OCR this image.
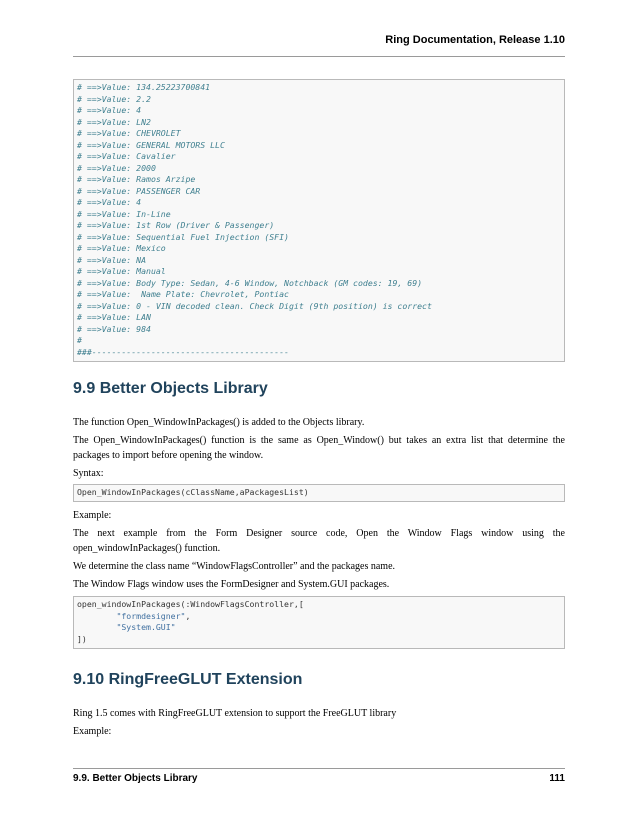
Ring Documentation, Release 1.10
# ==>Value: 134.25223700841
# ==>Value: 2.2
# ==>Value: 4
# ==>Value: LN2
# ==>Value: CHEVROLET
# ==>Value: GENERAL MOTORS LLC
# ==>Value: Cavalier
# ==>Value: 2000
# ==>Value: Ramos Arzipe
# ==>Value: PASSENGER CAR
# ==>Value: 4
# ==>Value: In-Line
# ==>Value: 1st Row (Driver & Passenger)
# ==>Value: Sequential Fuel Injection (SFI)
# ==>Value: Mexico
# ==>Value: NA
# ==>Value: Manual
# ==>Value: Body Type: Sedan, 4-6 Window, Notchback (GM codes: 19, 69)
# ==>Value:  Name Plate: Chevrolet, Pontiac
# ==>Value: 0 - VIN decoded clean. Check Digit (9th position) is correct
# ==>Value: LAN
# ==>Value: 984
#
###----------------------------------------
9.9 Better Objects Library

The function Open_WindowInPackages() is added to the Objects library.

The Open_WindowInPackages() function is the same as Open_Window() but takes an extra list that determine the packages to import before opening the window.

Syntax:

Open_WindowInPackages(cClassName,aPackagesList)

Example:

The next example from the Form Designer source code, Open the Window Flags window using the open_windowInPackages() function.

We determine the class name “WindowFlagsController” and the packages name.

The Window Flags window uses the FormDesigner and System.GUI packages.

open_windowInPackages(:WindowFlagsController,[
"formdesigner",
"System.GUI"
])
9.10 RingFreeGLUT Extension

Ring 1.5 comes with RingFreeGLUT extension to support the FreeGLUT library

Example:

9.9. Better Objects Library	111
